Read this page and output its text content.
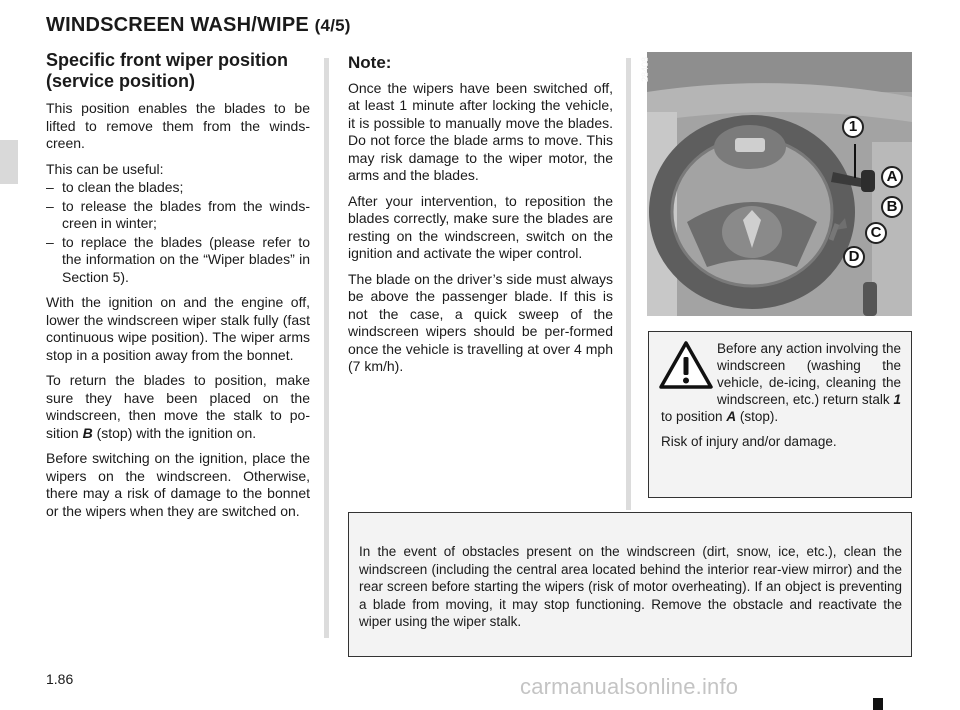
WINDSCREEN WASH/WIPE (4/5)
Specific front wiper position (service position)

This position enables the blades to be lifted to remove them from the winds-creen.

This can be useful:

– to clean the blades;
– to release the blades from the winds-creen in winter;
– to replace the blades (please refer to the information on the “Wiper blades” in Section 5).

With the ignition on and the engine off, lower the windscreen wiper stalk fully (fast continuous wipe position). The wiper arms stop in a position away from the bonnet.

To return the blades to position, make sure they have been placed on the windscreen, then move the stalk to po-sition B (stop) with the ignition on.

Before switching on the ignition, place the wipers on the windscreen. Otherwise, there may a risk of damage to the bonnet or the wipers when they are switched on.

Note:

Once the wipers have been switched off, at least 1 minute after locking the vehicle, it is possible to manually move the blades. Do not force the blade arms to move. This may risk damage to the wiper motor, the arms and the blades.

After your intervention, to reposition the blades correctly, make sure the blades are resting on the windscreen, switch on the ignition and activate the wiper control.

The blade on the driver’s side must always be above the passenger blade. If this is not the case, a quick sweep of the windscreen wipers should be per-formed once the vehicle is travelling at over 4 mph (7 km/h).

28408
1
A
B
C
D

Before any action involving the windscreen (washing the vehicle, de-icing, cleaning the windscreen, etc.) return stalk 1 to position A (stop).

Risk of injury and/or damage.

In the event of obstacles present on the windscreen (dirt, snow, ice, etc.), clean the windscreen (including the central area located behind the interior rear-view mirror) and the rear screen before starting the wipers (risk of motor overheating). If an object is preventing a blade from moving, it may stop functioning. Remove the obstacle and reactivate the wiper using the wiper stalk.

1.86	carmanualsonline.info
